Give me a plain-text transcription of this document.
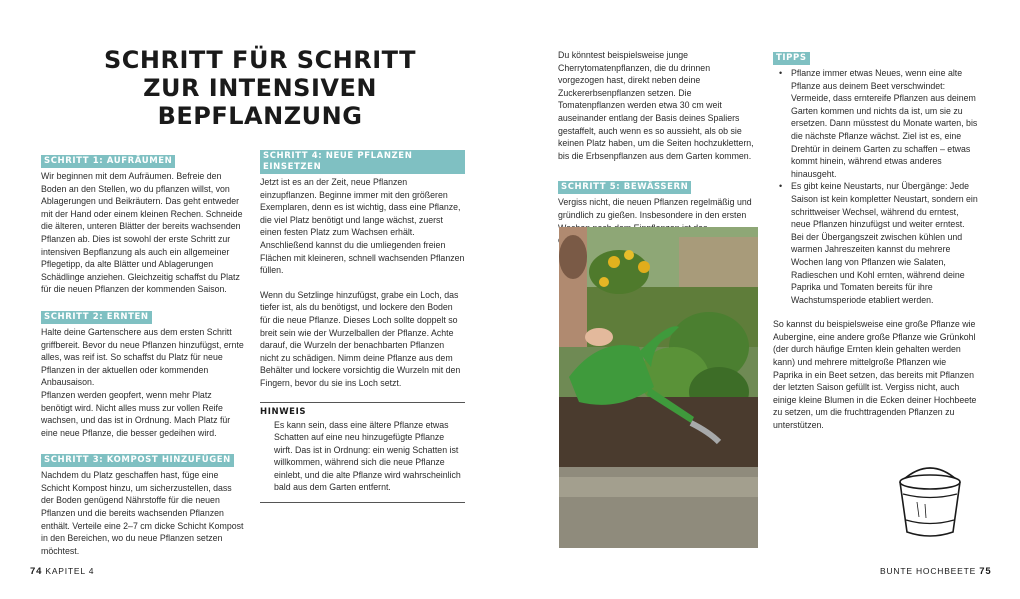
SCHRITT FÜR SCHRITT
ZUR INTENSIVEN
BEPFLANZUNG
SCHRITT 1: AUFRÄUMEN

Wir beginnen mit dem Aufräumen. Befreie den Boden an den Stellen, wo du pflanzen willst, von Ablagerungen und Beikräutern. Das geht entweder mit der Hand oder einem kleinen Rechen. Schneide die älteren, unteren Blätter der bereits wachsenden Pflanzen ab. Dies ist sowohl der erste Schritt zur intensiven Bepflanzung als auch ein allgemeiner Pflegetipp, da alte Blätter und Ablagerungen Schädlinge anziehen. Gleichzeitig schaffst du Platz für die neuen Pflanzen der kommenden Saison.

SCHRITT 2: ERNTEN

Halte deine Gartenschere aus dem ersten Schritt griffbereit. Bevor du neue Pflanzen hinzufügst, ernte alles, was reif ist. So schaffst du Platz für neue Pflanzen in der aktuellen oder kommenden Anbausaison.

Pflanzen werden geopfert, wenn mehr Platz benötigt wird. Nicht alles muss zur vollen Reife wachsen, und das ist in Ordnung. Mach Platz für eine neue Pflanze, die besser gedeihen wird.

SCHRITT 3: KOMPOST HINZUFÜGEN

Nachdem du Platz geschaffen hast, füge eine Schicht Kompost hinzu, um sicherzustellen, dass der Boden genügend Nährstoffe für die neuen Pflanzen und die bereits wachsenden Pflanzen enthält. Verteile eine 2–7 cm dicke Schicht Kompost in den Bereichen, wo du neue Pflanzen setzen möchtest.

SCHRITT 4: NEUE PFLANZEN EINSETZEN

Jetzt ist es an der Zeit, neue Pflanzen einzupflanzen. Beginne immer mit den größeren Exemplaren, denn es ist wichtig, dass eine Pflanze, die viel Platz benötigt und lange wächst, zuerst einen festen Platz zum Wachsen erhält. Anschließend kannst du die umliegenden freien Flächen mit kleineren, schnell wachsenden Pflanzen füllen.

Wenn du Setzlinge hinzufügst, grabe ein Loch, das tiefer ist, als du benötigst, und lockere den Boden für die neue Pflanze. Dieses Loch sollte doppelt so breit sein wie der Wurzelballen der Pflanze. Achte darauf, die Wurzeln der benachbarten Pflanzen nicht zu schädigen. Nimm deine Pflanze aus dem Behälter und lockere vorsichtig die Wurzeln mit den Fingern, bevor du sie ins Loch setzt.

HINWEIS

Es kann sein, dass eine ältere Pflanze etwas Schatten auf eine neu hinzugefügte Pflanze wirft. Das ist in Ordnung: ein wenig Schatten ist willkommen, während sich die neue Pflanze einlebt, und die alte Pflanze wird wahrscheinlich bald aus dem Garten entfernt.

Du könntest beispielsweise junge Cherrytomatenpflanzen, die du drinnen vorgezogen hast, direkt neben deine Zuckererbsenpflanzen setzen. Die Tomatenpflanzen werden etwa 30 cm weit auseinander entlang der Basis deines Spaliers gestaffelt, auch wenn es so aussieht, als ob sie keinen Platz haben, um die Seiten hochzuklettern, bis die Erbsenpflanzen aus dem Garten kommen.

SCHRITT 5: BEWÄSSERN

Vergiss nicht, die neuen Pflanzen regelmäßig und gründlich zu gießen. Insbesondere in den ersten

TIPPS
• Pflanze immer etwas Neues, wenn eine alte Pflanze aus deinem Beet verschwindet: Vermeide, dass erntereife Pflanzen aus deinem Garten kommen und nichts da ist, um sie zu ersetzen. Dann müsstest du Monate warten, bis die nächste Pflanze wächst. Ziel ist es, eine Drehtür in deinem Garten zu schaffen – etwas kommt hinein, während etwas anderes hinausgeht.
• Es gibt keine Neustarts, nur Übergänge: Jede Saison ist kein kompletter Neustart, sondern ein schrittweiser Wechsel, während du erntest, neue Pflanzen hinzufügst und weiter erntest. Bei der Übergangszeit zwischen kühlen und warmen Jahreszeiten kannst du mehrere Wochen lang von Pflanzen wie Salaten, Radieschen und Kohl ernten, während deine Paprika und Tomaten bereits für ihre Wachstumsperiode etabliert werden.

So kannst du beispielsweise eine große Pflanze wie Aubergine, eine andere große Pflanze wie Grünkohl (der durch häufige Ernten klein gehalten werden kann) und mehrere mittelgroße Pflanzen wie Paprika in ein Beet setzen, das bereits mit Pflanzen der letzten Saison gefüllt ist. Vergiss nicht, auch einige kleine Blumen in die Ecken deiner Hochbeete zu setzen, um die fruchttragenden Pflanzen zu unterstützen.

74 KAPITEL 4	BUNTE HOCHBEETE 75
